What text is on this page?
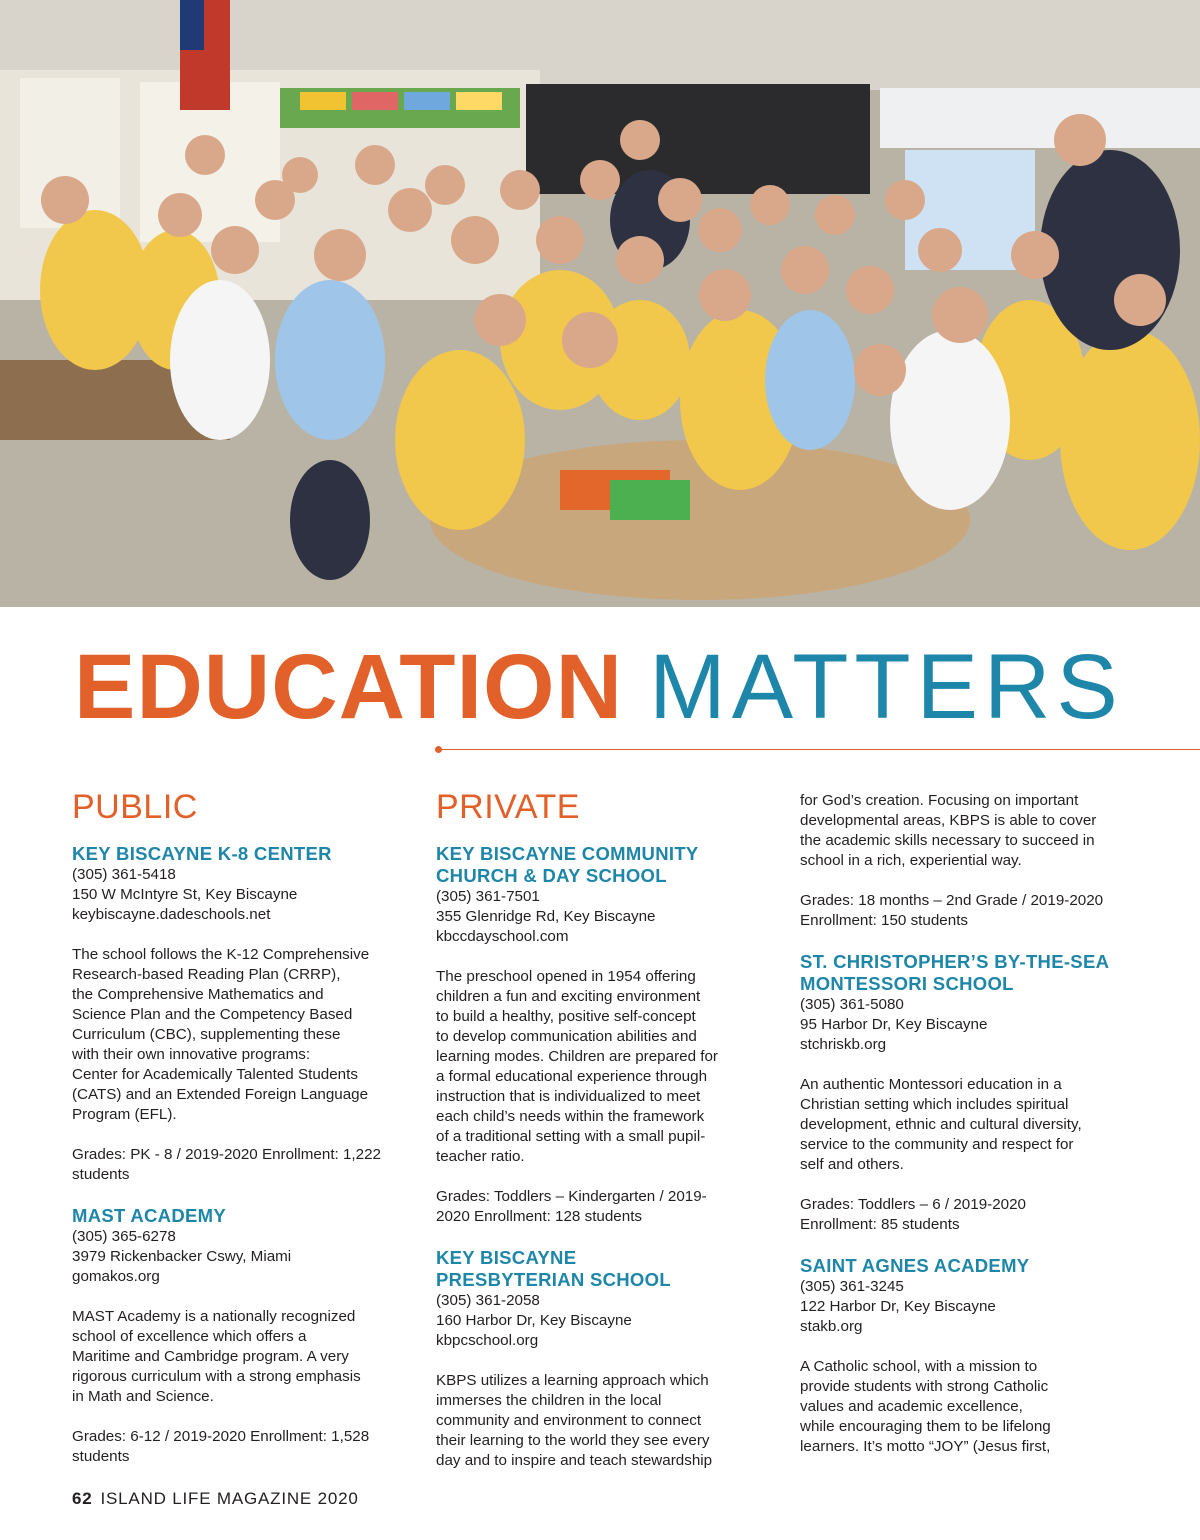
EDUCATION MATTERS
PUBLIC

KEY BISCAYNE K-8 CENTER

(305) 361-5418

150 W McIntyre St, Key Biscayne

keybiscayne.dadeschools.net

The school follows the K-12 Comprehensive

Research-based Reading Plan (CRRP),

the Comprehensive Mathematics and

Science Plan and the Competency Based

Curriculum (CBC), supplementing these

with their own innovative programs:

Center for Academically Talented Students

(CATS) and an Extended Foreign Language

Program (EFL).

Grades: PK - 8 / 2019-2020 Enrollment: 1,222

students

MAST ACADEMY

(305) 365-6278

3979 Rickenbacker Cswy, Miami

gomakos.org

MAST Academy is a nationally recognized

school of excellence which offers a

Maritime and Cambridge program. A very

rigorous curriculum with a strong emphasis

in Math and Science.

Grades: 6-12 / 2019-2020 Enrollment: 1,528

students

PRIVATE

KEY BISCAYNE COMMUNITY

CHURCH & DAY SCHOOL

(305) 361-7501

355 Glenridge Rd, Key Biscayne

kbccdayschool.com

The preschool opened in 1954 offering

children a fun and exciting environment

to build a healthy, positive self-concept

to develop communication abilities and

learning modes. Children are prepared for

a formal educational experience through

instruction that is individualized to meet

each child’s needs within the framework

of a traditional setting with a small pupil-

teacher ratio.

Grades: Toddlers – Kindergarten / 2019-

2020 Enrollment: 128 students

KEY BISCAYNE

PRESBYTERIAN SCHOOL

(305) 361-2058

160 Harbor Dr, Key Biscayne

kbpcschool.org

KBPS utilizes a learning approach which

immerses the children in the local

community and environment to connect

their learning to the world they see every

day and to inspire and teach stewardship

for God’s creation. Focusing on important

developmental areas, KBPS is able to cover

the academic skills necessary to succeed in

school in a rich, experiential way.

Grades: 18 months – 2nd Grade / 2019-2020

Enrollment: 150 students

ST. CHRISTOPHER’S BY-THE-SEA

MONTESSORI SCHOOL

(305) 361-5080

95 Harbor Dr, Key Biscayne

stchriskb.org

An authentic Montessori education in a

Christian setting which includes spiritual

development, ethnic and cultural diversity,

service to the community and respect for

self and others.

Grades: Toddlers – 6 / 2019-2020

Enrollment: 85 students

SAINT AGNES ACADEMY

(305) 361-3245

122 Harbor Dr, Key Biscayne

stakb.org

A Catholic school, with a mission to

provide students with strong Catholic

values and academic excellence,

while encouraging them to be lifelong

learners. It’s motto “JOY” (Jesus first,

62 ISLAND LIFE MAGAZINE 2020
